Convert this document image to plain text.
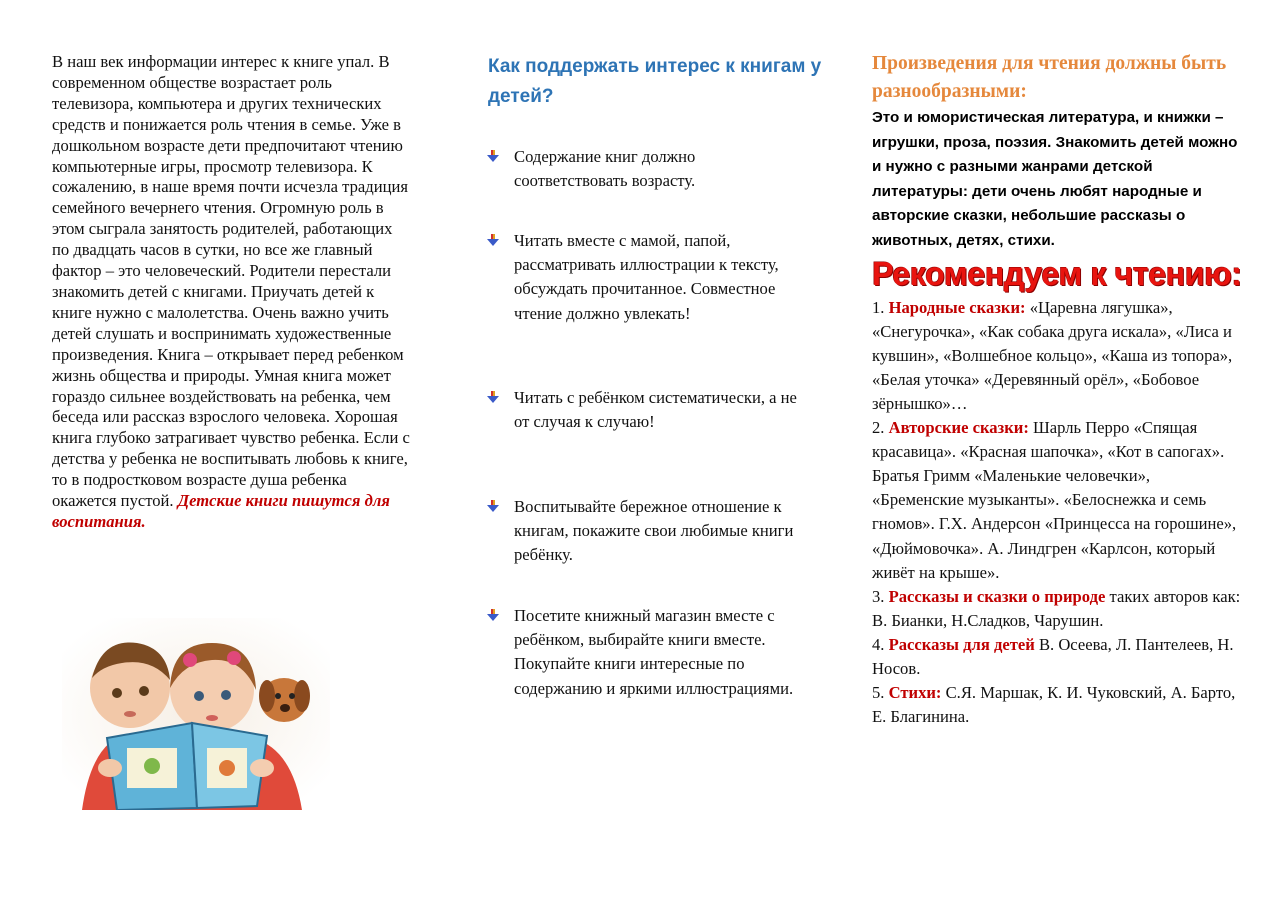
В наш век информации интерес к книге упал. В современном обществе возрастает роль телевизора, компьютера и других технических средств и понижается роль чтения в семье. Уже в дошкольном возрасте дети предпочитают чтению компьютерные игры, просмотр телевизора. К сожалению, в наше время почти исчезла традиция семейного вечернего чтения. Огромную роль в этом сыграла занятость родителей, работающих по двадцать часов в сутки, но все же главный фактор – это человеческий. Родители перестали знакомить детей с книгами. Приучать детей к книге нужно с малолетства. Очень важно учить детей слушать и воспринимать художественные произведения. Книга – открывает перед ребенком жизнь общества и природы. Умная книга может гораздо сильнее воздействовать на ребенка, чем беседа или рассказ взрослого человека. Хорошая книга глубоко затрагивает чувство ребенка. Если с детства у ребенка не воспитывать любовь к книге, то в подростковом возрасте душа ребенка окажется пустой. Детские книги пишутся для воспитания.

Как поддержать интерес к книгам у детей?
Содержание книг должно соответствовать возрасту.
Читать вместе с мамой, папой, рассматривать иллюстрации к тексту, обсуждать прочитанное. Совместное чтение должно увлекать!
Читать с ребёнком систематически, а не от случая к случаю!
Воспитывайте бережное отношение к книгам, покажите свои любимые книги ребёнку.
Посетите книжный магазин вместе с ребёнком, выбирайте книги вместе. Покупайте книги интересные по содержанию и яркими иллюстрациями.
Произведения для чтения должны быть разнообразными:

Это и юмористическая литература, и книжки – игрушки, проза, поэзия. Знакомить детей можно и нужно с разными жанрами детской литературы: дети очень любят народные и авторские сказки, небольшие рассказы о животных, детях, стихи.

Рекомендуем к чтению:

1. Народные сказки: «Царевна лягушка», «Снегурочка», «Как собака друга искала», «Лиса и кувшин», «Волшебное кольцо», «Каша из топора», «Белая уточка» «Деревянный орёл», «Бобовое зёрнышко»…

2. Авторские сказки: Шарль Перро «Спящая красавица». «Красная шапочка», «Кот в сапогах». Братья Гримм «Маленькие человечки», «Бременские музыканты». «Белоснежка и семь гномов». Г.Х. Андерсон «Принцесса на горошине», «Дюймовочка». А. Линдгрен «Карлсон, который живёт на крыше».

3. Рассказы и сказки о природе таких авторов как: В. Бианки, Н.Сладков, Чарушин.

4. Рассказы для детей В. Осеева, Л. Пантелеев, Н. Носов.

5. Стихи: С.Я. Маршак, К. И. Чуковский, А. Барто, Е. Благинина.
